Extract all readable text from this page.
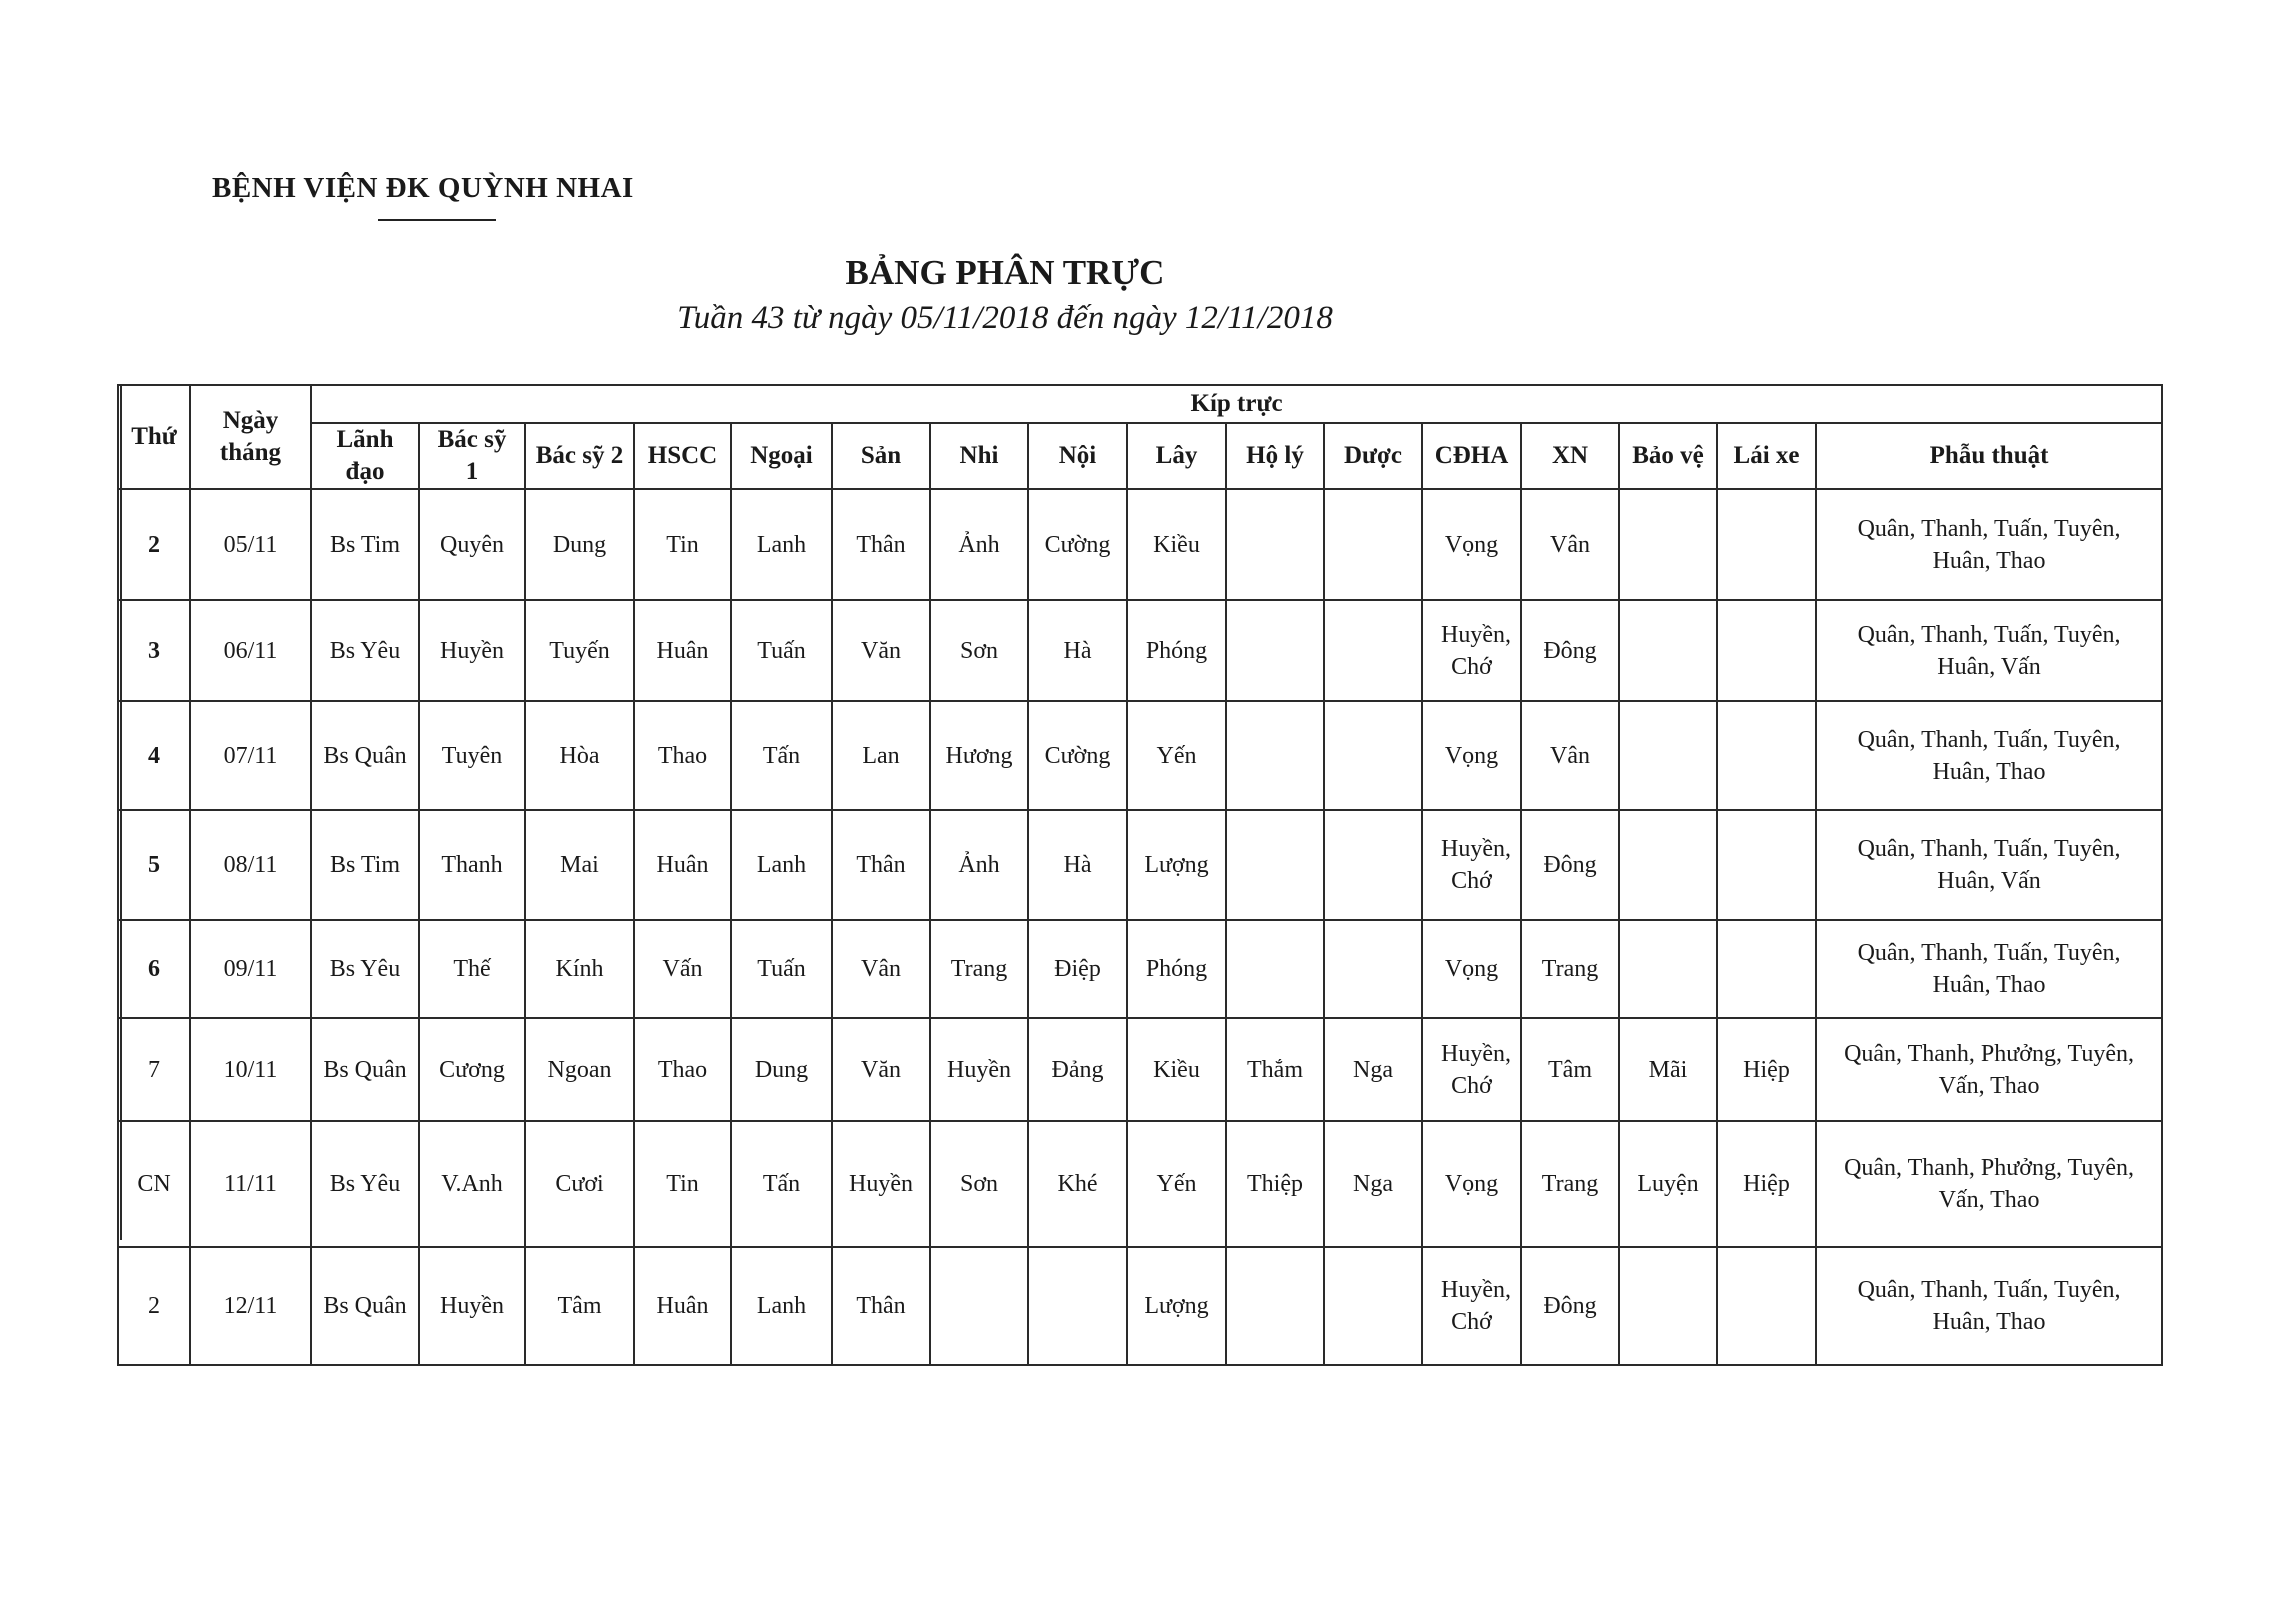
BỆNH VIỆN ĐK QUỲNH NHAI
BẢNG PHÂN TRỰC
Tuần 43 từ ngày 05/11/2018 đến ngày 12/11/2018
Thứ	Ngày tháng	Kíp trực															
		Lãnh đạo	Bác sỹ 1	Bác sỹ 2	HSCC	Ngoại	Sản	Nhi	Nội	Lây	Hộ lý	Dược	CĐHA	XN	Bảo vệ	Lái xe	Phẫu thuật
2	05/11	Bs Tim	Quyên	Dung	Tin	Lanh	Thân	Ảnh	Cường	Kiều			Vọng	Vân			Quân, Thanh, Tuấn, Tuyên, Huân, Thao
3	06/11	Bs Yêu	Huyền	Tuyến	Huân	Tuấn	Văn	Sơn	Hà	Phóng			Huyền, Chớ	Đông			Quân, Thanh, Tuấn, Tuyên, Huân, Vấn
4	07/11	Bs Quân	Tuyên	Hòa	Thao	Tấn	Lan	Hương	Cường	Yến			Vọng	Vân			Quân, Thanh, Tuấn, Tuyên, Huân, Thao
5	08/11	Bs Tim	Thanh	Mai	Huân	Lanh	Thân	Ảnh	Hà	Lượng			Huyền, Chớ	Đông			Quân, Thanh, Tuấn, Tuyên, Huân, Vấn
6	09/11	Bs Yêu	Thế	Kính	Vấn	Tuấn	Vân	Trang	Điệp	Phóng			Vọng	Trang			Quân, Thanh, Tuấn, Tuyên, Huân, Thao
7	10/11	Bs Quân	Cương	Ngoan	Thao	Dung	Văn	Huyền	Đảng	Kiều	Thắm	Nga	Huyền, Chớ	Tâm	Mãi	Hiệp	Quân, Thanh, Phưởng, Tuyên, Vấn, Thao
CN	11/11	Bs Yêu	V.Anh	Cươi	Tin	Tấn	Huyền	Sơn	Khé	Yến	Thiệp	Nga	Vọng	Trang	Luyện	Hiệp	Quân, Thanh, Phưởng, Tuyên, Vấn, Thao
2	12/11	Bs Quân	Huyền	Tâm	Huân	Lanh	Thân			Lượng			Huyền, Chớ	Đông			Quân, Thanh, Tuấn, Tuyên, Huân, Thao
